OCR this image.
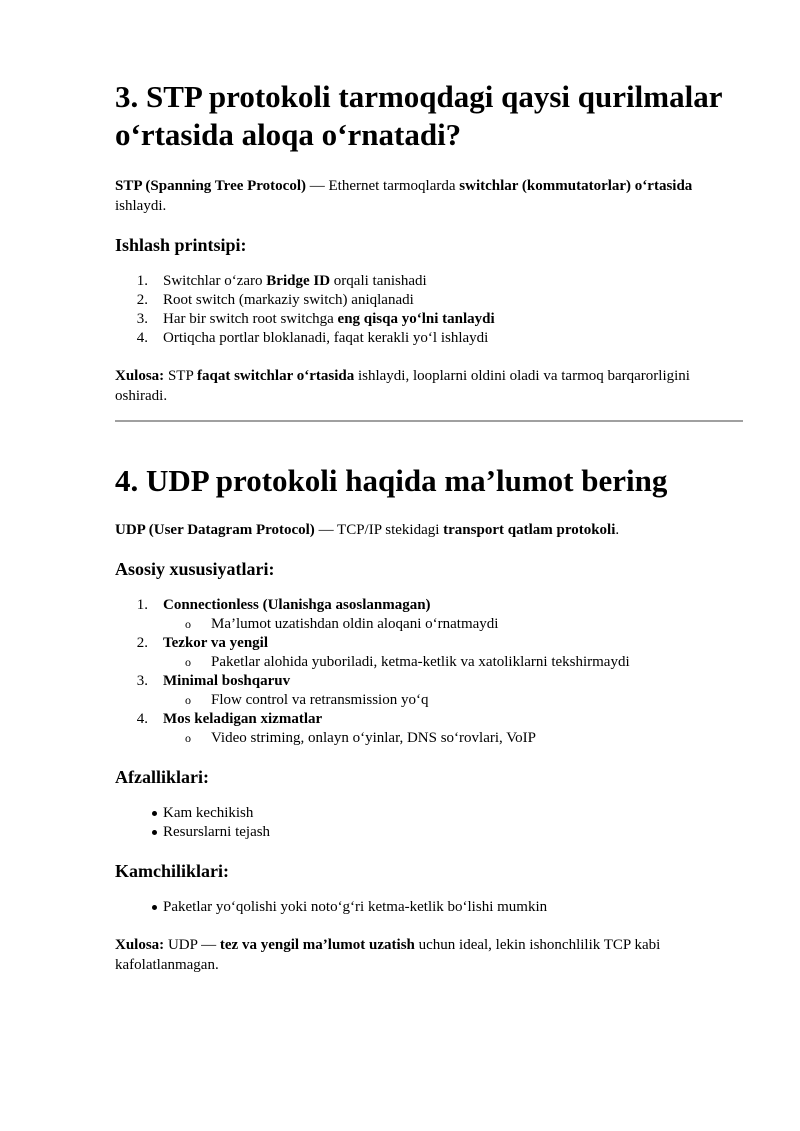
3. STP protokoli tarmoqdagi qaysi qurilmalar o‘rtasida aloqa o‘rnatadi?

STP (Spanning Tree Protocol) — Ethernet tarmoqlarda switchlar (kommutatorlar) o‘rtasida ishlaydi.

Ishlash printsipi:
1. Switchlar o‘zaro Bridge ID orqali tanishadi
2. Root switch (markaziy switch) aniqlanadi
3. Har bir switch root switchga eng qisqa yo‘lni tanlaydi
4. Ortiqcha portlar bloklanadi, faqat kerakli yo‘l ishlaydi

Xulosa: STP faqat switchlar o‘rtasida ishlaydi, looplarni oldini oladi va tarmoq barqarorligini oshiradi.

4. UDP protokoli haqida ma’lumot bering

UDP (User Datagram Protocol) — TCP/IP stekidagi transport qatlam protokoli.

Asosiy xususiyatlari:
1. Connectionless (Ulanishga asoslanmagan)
o	Ma’lumot uzatishdan oldin aloqani o‘rnatmaydi
2. Tezkor va yengil
o	Paketlar alohida yuboriladi, ketma-ketlik va xatoliklarni tekshirmaydi
3. Minimal boshqaruv
o	Flow control va retransmission yo‘q
4. Mos keladigan xizmatlar
o	Video striming, onlayn o‘yinlar, DNS so‘rovlari, VoIP
Afzalliklari:
Kam kechikish
Resurslarni tejash
Kamchiliklari:
Paketlar yo‘qolishi yoki noto‘g‘ri ketma-ketlik bo‘lishi mumkin

Xulosa: UDP — tez va yengil ma’lumot uzatish uchun ideal, lekin ishonchlilik TCP kabi kafolatlanmagan.
